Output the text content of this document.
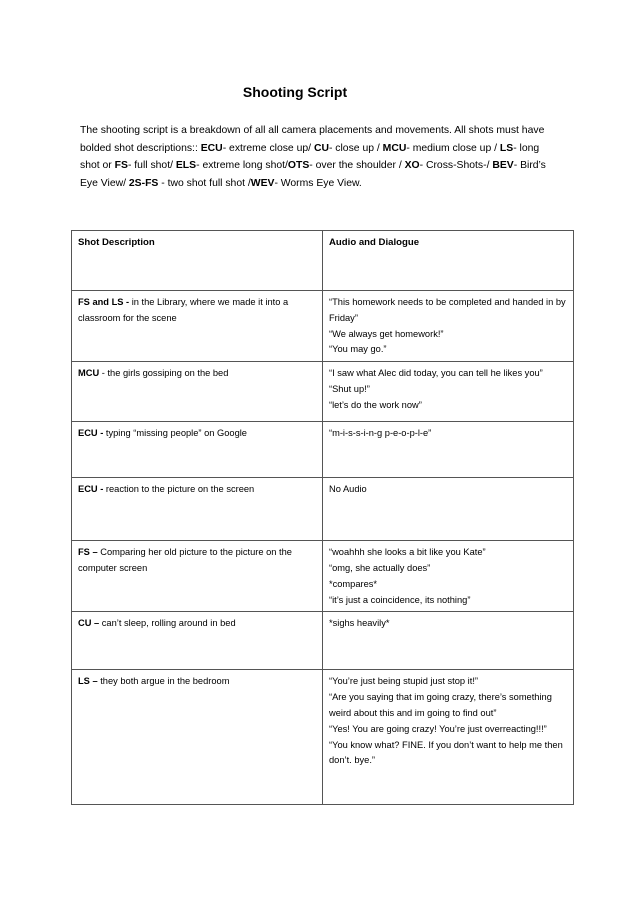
Shooting Script
The shooting script is a breakdown of all all camera placements and movements. All shots must have bolded shot descriptions:: ECU- extreme close up/ CU- close up / MCU- medium close up / LS- long shot or FS- full shot/ ELS- extreme long shot/OTS- over the shoulder / XO- Cross-Shots-/ BEV- Bird’s Eye View/ 2S-FS - two shot full shot /WEV- Worms Eye View.
Shot Description	Audio and Dialogue
FS and LS - in the Library, where we made it into a classroom for the scene	“This homework needs to be completed and handed in by Friday”
“We always get homework!”
“You may go.”

MCU - the girls gossiping on the bed	“I saw what Alec did today, you can tell he likes you”
“Shut up!”
“let’s do the work now”

ECU - typing “missing people” on Google	“m-i-s-s-i-n-g p-e-o-p-l-e”

ECU - reaction to the picture on the screen	No Audio

FS – Comparing her old picture to the picture on the computer screen	“woahhh she looks a bit like you Kate”
“omg, she actually does”
*compares*
“it’s just a coincidence, its nothing”

CU – can’t sleep, rolling around in bed	*sighs heavily*

LS – they both argue in the bedroom	“You’re just being stupid just stop it!”
“Are you saying that im going crazy, there’s something weird about this and im going to find out”
“Yes! You are going crazy! You’re just overreacting!!!”
“You know what? FINE. If you don’t want to help me then don’t. bye.”
